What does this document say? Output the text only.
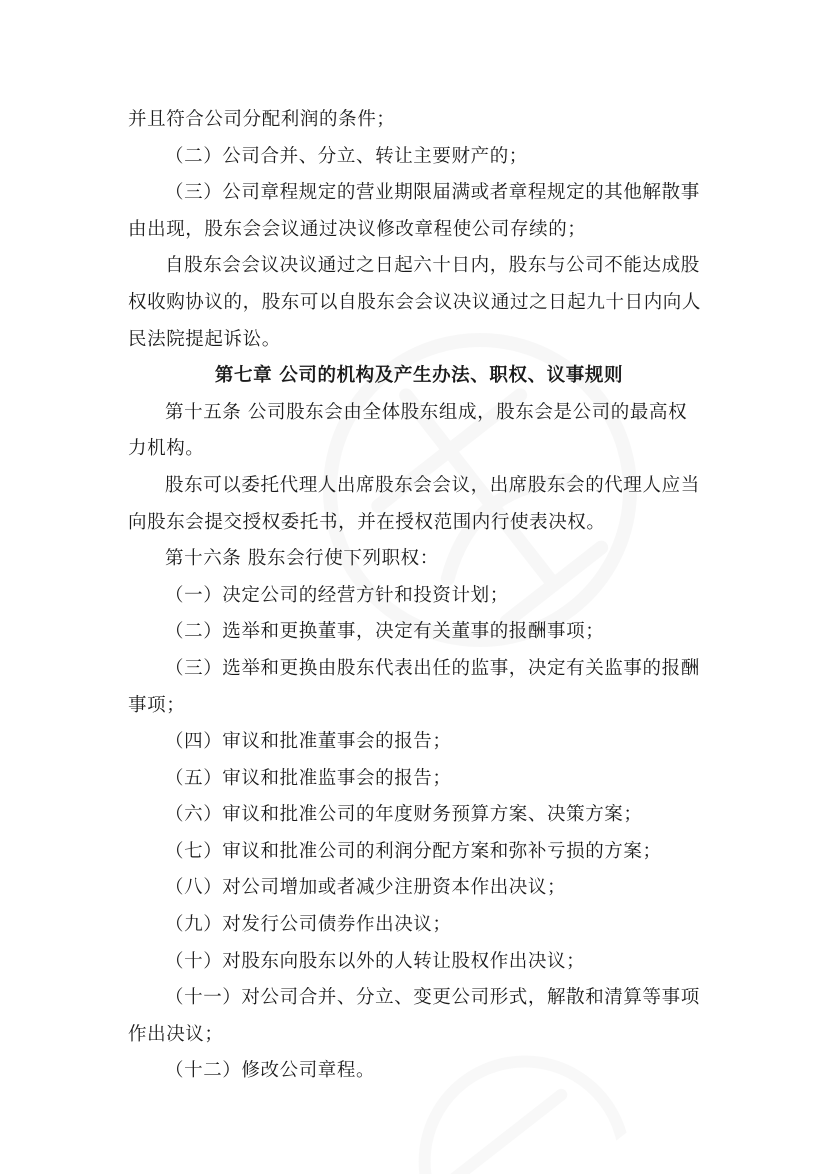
并且符合公司分配利润的条件；
（二）公司合并、分立、转让主要财产的；
（三）公司章程规定的营业期限届满或者章程规定的其他解散事
由出现，股东会会议通过决议修改章程使公司存续的；
自股东会会议决议通过之日起六十日内，股东与公司不能达成股
权收购协议的，股东可以自股东会会议决议通过之日起九十日内向人
民法院提起诉讼。
第七章 公司的机构及产生办法、职权、议事规则
第十五条 公司股东会由全体股东组成，股东会是公司的最高权
力机构。
股东可以委托代理人出席股东会会议，出席股东会的代理人应当
向股东会提交授权委托书，并在授权范围内行使表决权。
第十六条 股东会行使下列职权：
（一）决定公司的经营方针和投资计划；
（二）选举和更换董事，决定有关董事的报酬事项；
（三）选举和更换由股东代表出任的监事，决定有关监事的报酬
事项；
（四）审议和批准董事会的报告；
（五）审议和批准监事会的报告；
（六）审议和批准公司的年度财务预算方案、决策方案；
（七）审议和批准公司的利润分配方案和弥补亏损的方案；
（八）对公司增加或者减少注册资本作出决议；
（九）对发行公司债券作出决议；
（十）对股东向股东以外的人转让股权作出决议；
（十一）对公司合并、分立、变更公司形式，解散和清算等事项
作出决议；
（十二）修改公司章程。
